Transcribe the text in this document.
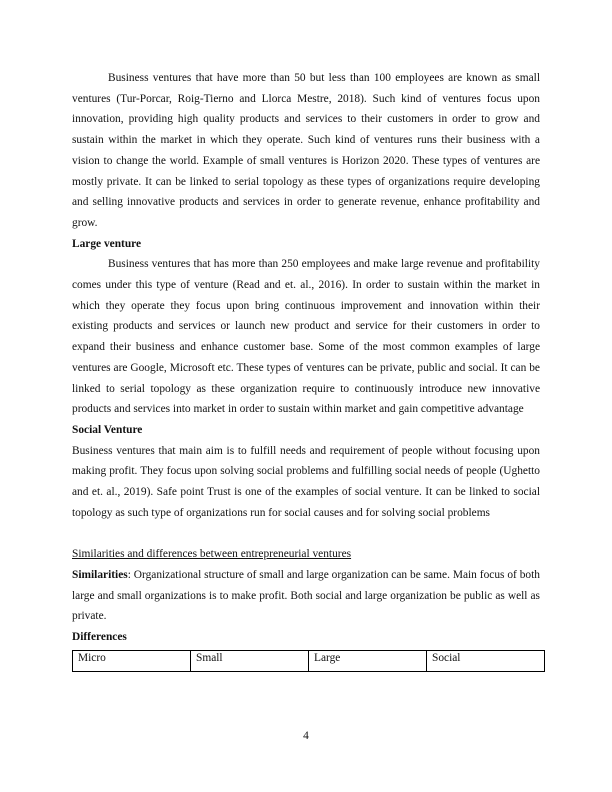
Business ventures that have more than 50 but less than 100 employees are known as small ventures (Tur-Porcar, Roig-Tierno and Llorca Mestre, 2018). Such kind of ventures focus upon innovation, providing high quality products and services to their customers in order to grow and sustain within the market in which they operate. Such kind of ventures runs their business with a vision to change the world. Example of small ventures is Horizon 2020. These types of ventures are mostly private. It can be linked to serial topology as these types of organizations require developing and selling innovative products and services in order to generate revenue, enhance profitability and grow.

Large venture

Business ventures that has more than 250 employees and make large revenue and profitability comes under this type of venture (Read and et. al., 2016). In order to sustain within the market in which they operate they focus upon bring continuous improvement and innovation within their existing products and services or launch new product and service for their customers in order to expand their business and enhance customer base. Some of the most common examples of large ventures are Google, Microsoft etc. These types of ventures can be private, public and social. It can be linked to serial topology as these organization require to continuously introduce new innovative products and services into market in order to sustain within market and gain competitive advantage

Social Venture

Business ventures that main aim is to fulfill needs and requirement of people without focusing upon making profit. They focus upon solving social problems and fulfilling social needs of people (Ughetto and et. al., 2019). Safe point Trust is one of the examples of social venture. It can be linked to social topology as such type of organizations run for social causes and for solving social problems

Similarities and differences between entrepreneurial ventures

Similarities: Organizational structure of small and large organization can be same. Main focus of both large and small organizations is to make profit. Both social and large organization be public as well as private.

Differences
Micro	Small	Large	Social
4
